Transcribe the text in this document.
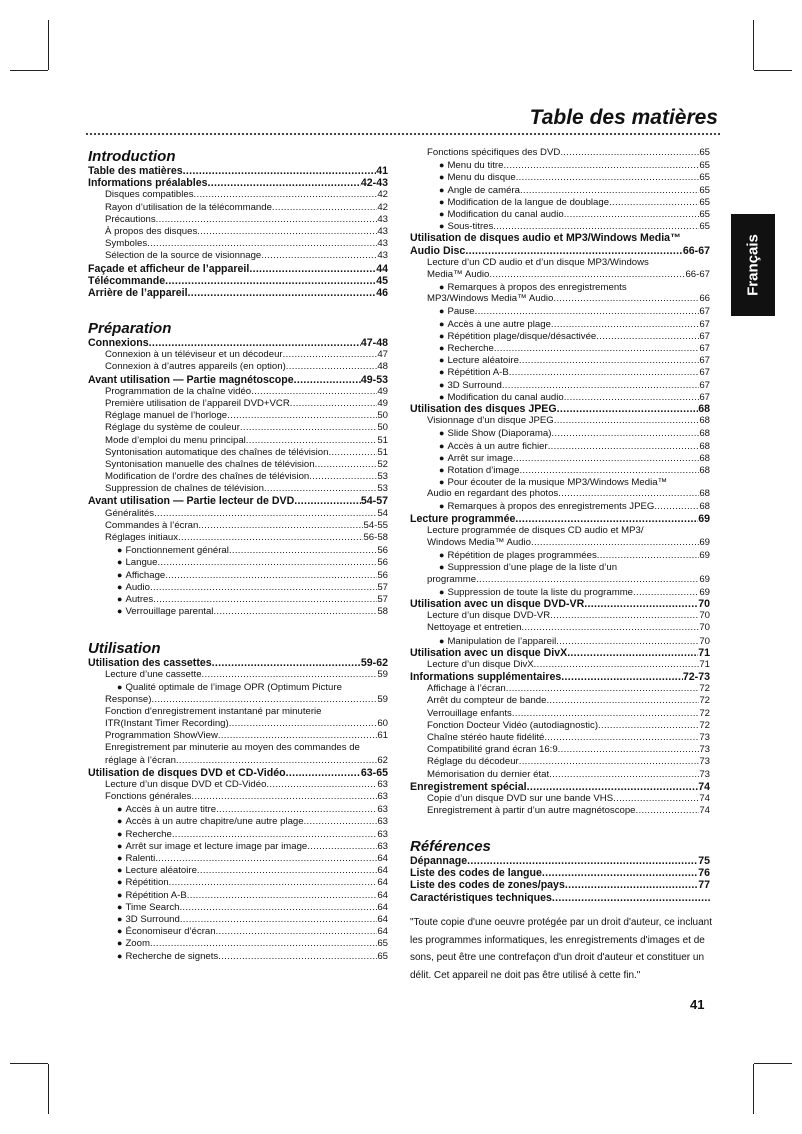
Table des matières
Français
Introduction
Table des matières .....	41
Informations préalables .....	42-43
Disques compatibles .....	42
Rayon d’utilisation de la télécommande .....	42
Précautions .....	43
À propos des disques .....	43
Symboles .....	43
Sélection de la source de visionnage .....	43
Façade et afficheur de l’appareil .....	44
Télécommande .....	45
Arrière de l’appareil .....	46
Préparation
Connexions .....	47-48
Connexion à un téléviseur et un décodeur .....	47
Connexion à d’autres appareils (en option) .....	48
Avant utilisation — Partie magnétoscope .....	49-53
Programmation de la chaîne vidéo .....	49
Première utilisation de l’appareil DVD+VCR .....	49
Réglage manuel de l’horloge .....	50
Réglage du système de couleur .....	50
Mode d’emploi du menu principal .....	51
Syntonisation automatique des chaînes de télévision .....	51
Syntonisation manuelle des chaînes de télévision .....	52
Modification de l’ordre des chaînes de télévision .....	53
Suppression de chaînes de télévision .....	53
Avant utilisation — Partie lecteur de DVD .....	54-57
Généralités .....	54
Commandes à l’écran .....	54-55
Réglages initiaux .....	56-58
● Fonctionnement général .....	56
● Langue .....	56
● Affichage .....	56
● Audio .....	57
● Autres .....	57
● Verrouillage parental .....	58
Utilisation
Utilisation des cassettes .....	59-62
Lecture d’une cassette .....	59
● Qualité optimale de l’image OPR (Optimum Picture
Response) .....	59
Fonction d’enregistrement instantané par minuterie
ITR(Instant Timer Recording) .....	60
Programmation ShowView .....	61
Enregistrement par minuterie au moyen des commandes de
réglage à l’écran .....	62
Utilisation de disques DVD et CD-Vidéo .....	63-65
Lecture d’un disque DVD et CD-Vidéo .....	63
Fonctions générales .....	63
● Accès à un autre titre .....	63
● Accès à un autre chapitre/une autre plage .....	63
● Recherche .....	63
● Arrêt sur image et lecture image par image .....	63
● Ralenti .....	64
● Lecture aléatoire .....	64
● Répétition .....	64
● Répétition A-B .....	64
● Time Search .....	64
● 3D Surround .....	64
● Économiseur d’écran .....	64
● Zoom .....	65
● Recherche de signets .....	65
Fonctions spécifiques des DVD .....	65
● Menu du titre .....	65
● Menu du disque .....	65
● Angle de caméra .....	65
● Modification de la langue de doublage .....	65
● Modification du canal audio .....	65
● Sous-titres .....	65
Utilisation de disques audio et MP3/Windows Media™
Audio Disc .....	66-67
Lecture d’un CD audio et d’un disque MP3/Windows
Media™ Audio .....	66-67
● Remarques à propos des enregistrements
MP3/Windows Media™ Audio .....	66
● Pause .....	67
● Accès à une autre plage .....	67
● Répétition plage/disque/désactivée .....	67
● Recherche .....	67
● Lecture aléatoire .....	67
● Répétition A-B .....	67
● 3D Surround .....	67
● Modification du canal audio .....	67
Utilisation des disques JPEG .....	68
Visionnage d’un disque JPEG .....	68
● Slide Show (Diaporama) .....	68
● Accès à un autre fichier .....	68
● Arrêt sur image .....	68
● Rotation d’image .....	68
● Pour écouter de la musique MP3/Windows Media™
Audio en regardant des photos .....	68
● Remarques à propos des enregistrements JPEG .....	68
Lecture programmée .....	69
Lecture programmée de disques CD audio et MP3/
Windows Media™ Audio .....	69
● Répétition de plages programmées .....	69
● Suppression d’une plage de la liste d’un
programme .....	69
● Suppression de toute la liste du programme .....	69
Utilisation avec un disque DVD-VR .....	70
Lecture d’un disque DVD-VR .....	70
Nettoyage et entretien .....	70
● Manipulation de l’appareil .....	70
Utilisation avec un disque DivX .....	71
Lecture d’un disque DivX .....	71
Informations supplémentaires .....	72-73
Affichage à l’écran .....	72
Arrêt du compteur de bande .....	72
Verrouillage enfants .....	72
Fonction Docteur Vidéo (autodiagnostic) .....	72
Chaîne stéréo haute fidélité .....	73
Compatibilité grand écran 16:9 .....	73
Réglage du décodeur .....	73
Mémorisation du dernier état .....	73
Enregistrement spécial .....	74
Copie d’un disque DVD sur une bande VHS .....	74
Enregistrement à partir d’un autre magnétoscope .....	74
Références
Dépannage .....	75
Liste des codes de langue .....	76
Liste des codes de zones/pays .....	77
Caractéristiques techniques
.....
"Toute copie d'une oeuvre protégée par un droit d'auteur, ce incluant les programmes informatiques, les enregistrements d'images et de sons, peut être une contrefaçon d'un droit d'auteur et constituer un délit. Cet appareil ne doit pas être utilisé à cette fin."
41
